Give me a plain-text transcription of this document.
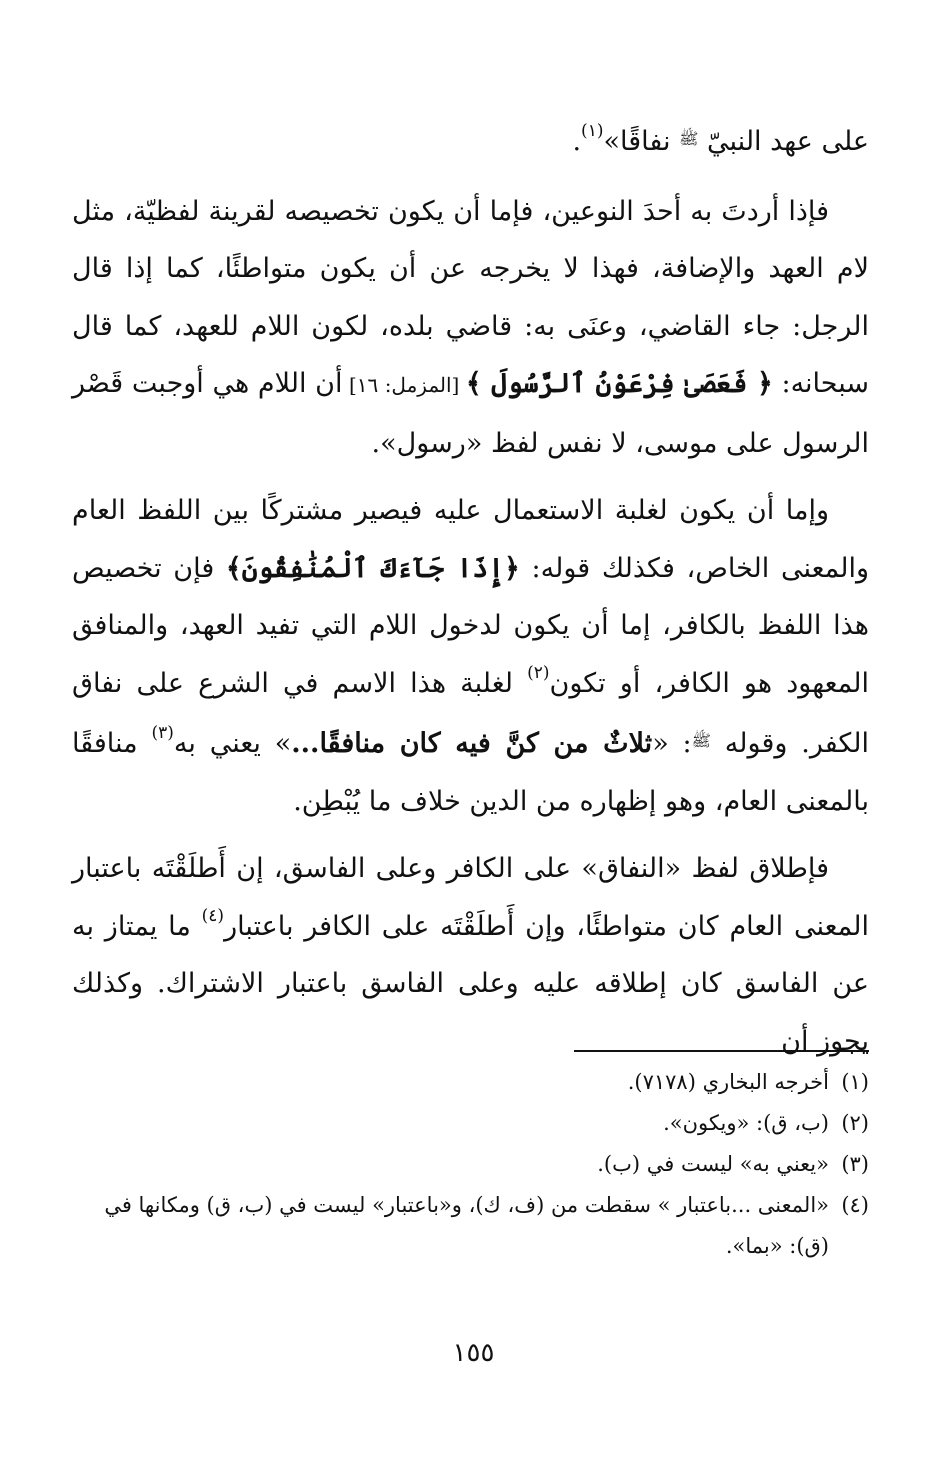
على عهد النبيّ $^ﷺ$ نفاقًا»$^{(١)}$.

فإذا أردتَ به أحدَ النوعين، فإما أن يكون تخصيصه لقرينة لفظيّة، مثل لام العهد والإضافة، فهذا لا يخرجه عن أن يكون متواطئًا، كما إذا قال الرجل: جاء القاضي، وعنَى به: قاضي بلده، لكون اللام للعهد، كما قال سبحانه: ﴿ فَعَصَىٰ فِرْعَوْنُ ٱلرَّسُولَ ﴾ [المزمل: ١٦] أن اللام هي أوجبت قَصْر الرسول على موسى، لا نفس لفظ «رسول».

وإما أن يكون لغلبة الاستعمال عليه فيصير مشتركًا بين اللفظ العام والمعنى الخاص، فكذلك قوله: ﴿إِذَا جَآءَكَ ٱلْمُنَٰفِقُونَ﴾ فإن تخصيص هذا اللفظ بالكافر، إما أن يكون لدخول اللام التي تفيد العهد، والمنافق المعهود هو الكافر، أو تكون$^{(٢)}$ لغلبة هذا الاسم في الشرع على نفاق الكفر. وقوله $^ﷺ$: «ثلاثٌ من كنَّ فيه كان منافقًا...» يعني به$^{(٣)}$ منافقًا بالمعنى العام، وهو إظهاره من الدين خلاف ما يُبْطِن.

فإطلاق لفظ «النفاق» على الكافر وعلى الفاسق، إن أَطلَقْتَه باعتبار المعنى العام كان متواطئًا، وإن أَطلَقْتَه على الكافر باعتبار$^{(٤)}$ ما يمتاز به عن الفاسق كان إطلاقه عليه وعلى الفاسق باعتبار الاشتراك. وكذلك يجوز أن

(١)
أخرجه البخاري (٧١٧٨).

(٢)
(ب، ق): «ويكون».

(٣)
«يعني به» ليست في (ب).

(٤)
«المعنى ...باعتبار » سقطت من (ف، ك)، و«باعتبار» ليست في (ب، ق) ومكانها في (ق): «بما».

١٥٥
